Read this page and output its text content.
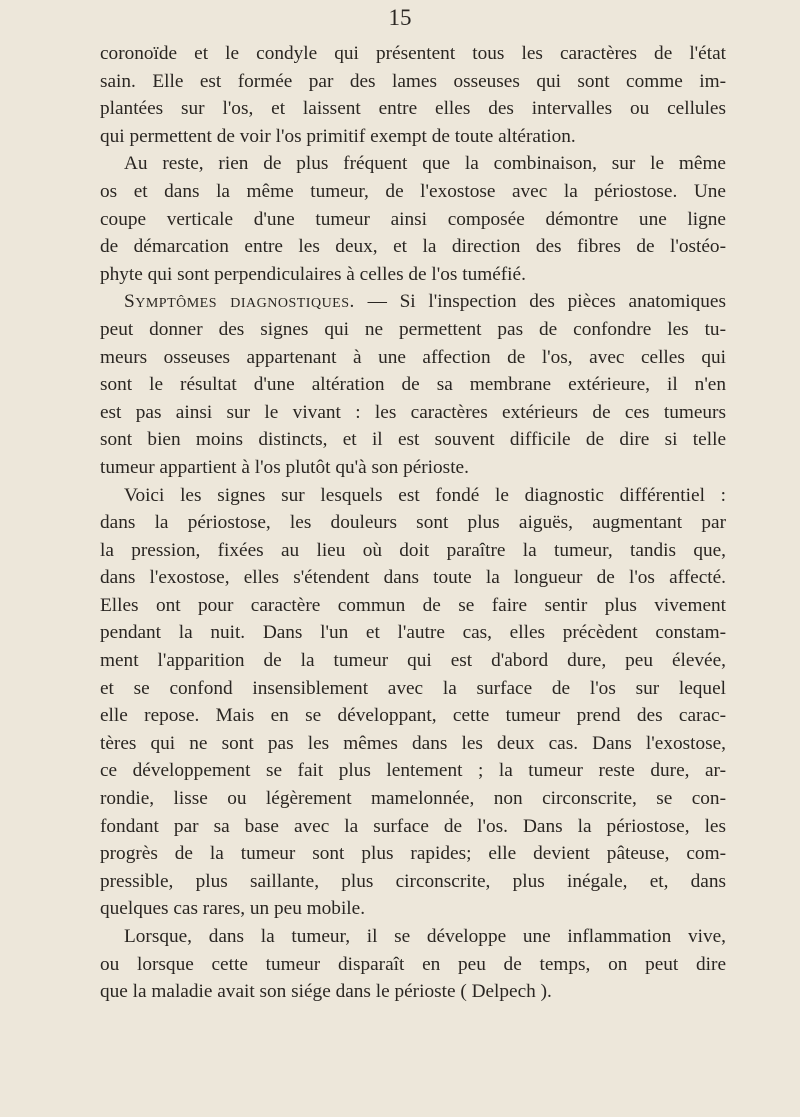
15
coronoïde et le condyle qui présentent tous les caractères de l'état
sain. Elle est formée par des lames osseuses qui sont comme im-
plantées sur l'os, et laissent entre elles des intervalles ou cellules
qui permettent de voir l'os primitif exempt de toute altération.
Au reste, rien de plus fréquent que la combinaison, sur le même
os et dans la même tumeur, de l'exostose avec la périostose. Une
coupe verticale d'une tumeur ainsi composée démontre une ligne
de démarcation entre les deux, et la direction des fibres de l'ostéo-
phyte qui sont perpendiculaires à celles de l'os tuméfié.
Symptômes diagnostiques. — Si l'inspection des pièces anatomiques
peut donner des signes qui ne permettent pas de confondre les tu-
meurs osseuses appartenant à une affection de l'os, avec celles qui
sont le résultat d'une altération de sa membrane extérieure, il n'en
est pas ainsi sur le vivant : les caractères extérieurs de ces tumeurs
sont bien moins distincts, et il est souvent difficile de dire si telle
tumeur appartient à l'os plutôt qu'à son périoste.
Voici les signes sur lesquels est fondé le diagnostic différentiel :
dans la périostose, les douleurs sont plus aiguës, augmentant par
la pression, fixées au lieu où doit paraître la tumeur, tandis que,
dans l'exostose, elles s'étendent dans toute la longueur de l'os affecté.
Elles ont pour caractère commun de se faire sentir plus vivement
pendant la nuit. Dans l'un et l'autre cas, elles précèdent constam-
ment l'apparition de la tumeur qui est d'abord dure, peu élevée,
et se confond insensiblement avec la surface de l'os sur lequel
elle repose. Mais en se développant, cette tumeur prend des carac-
tères qui ne sont pas les mêmes dans les deux cas. Dans l'exostose,
ce développement se fait plus lentement ; la tumeur reste dure, ar-
rondie, lisse ou légèrement mamelonnée, non circonscrite, se con-
fondant par sa base avec la surface de l'os. Dans la périostose, les
progrès de la tumeur sont plus rapides; elle devient pâteuse, com-
pressible, plus saillante, plus circonscrite, plus inégale, et, dans
quelques cas rares, un peu mobile.
Lorsque, dans la tumeur, il se développe une inflammation vive,
ou lorsque cette tumeur disparaît en peu de temps, on peut dire
que la maladie avait son siége dans le périoste ( Delpech ).
